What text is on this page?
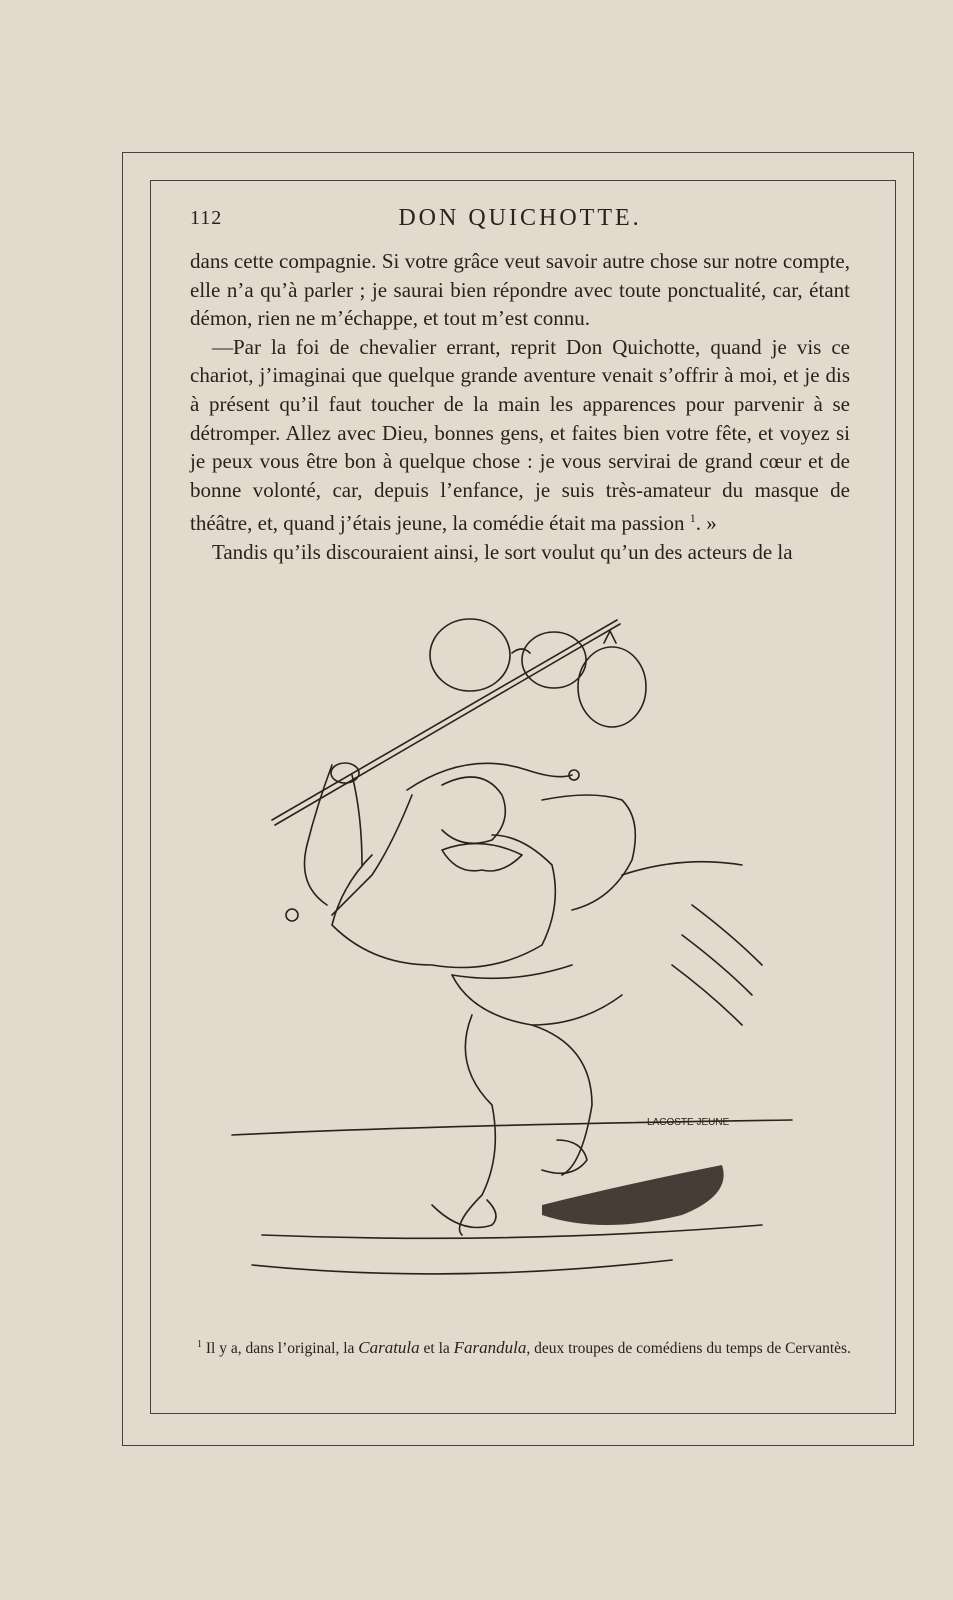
112	DON QUICHOTTE.

dans cette compagnie. Si votre grâce veut savoir autre chose sur notre compte, elle n’a qu’à parler ; je saurai bien répondre avec toute ponctualité, car, étant démon, rien ne m’échappe, et tout m’est connu.

—Par la foi de chevalier errant, reprit Don Quichotte, quand je vis ce chariot, j’imaginai que quelque grande aventure venait s’offrir à moi, et je dis à présent qu’il faut toucher de la main les apparences pour parvenir à se détromper. Allez avec Dieu, bonnes gens, et faites bien votre fête, et voyez si je peux vous être bon à quelque chose : je vous servirai de grand cœur et de bonne volonté, car, depuis l’enfance, je suis très-amateur du masque de théâtre, et, quand j’étais jeune, la comédie était ma passion $^1$. »

Tandis qu’ils discouraient ainsi, le sort voulut qu’un des acteurs de la

LACOSTE JEUNE
$^1$ Il y a, dans l’original, la Caratula et la Farandula, deux troupes de comédiens du temps de Cervantès.
